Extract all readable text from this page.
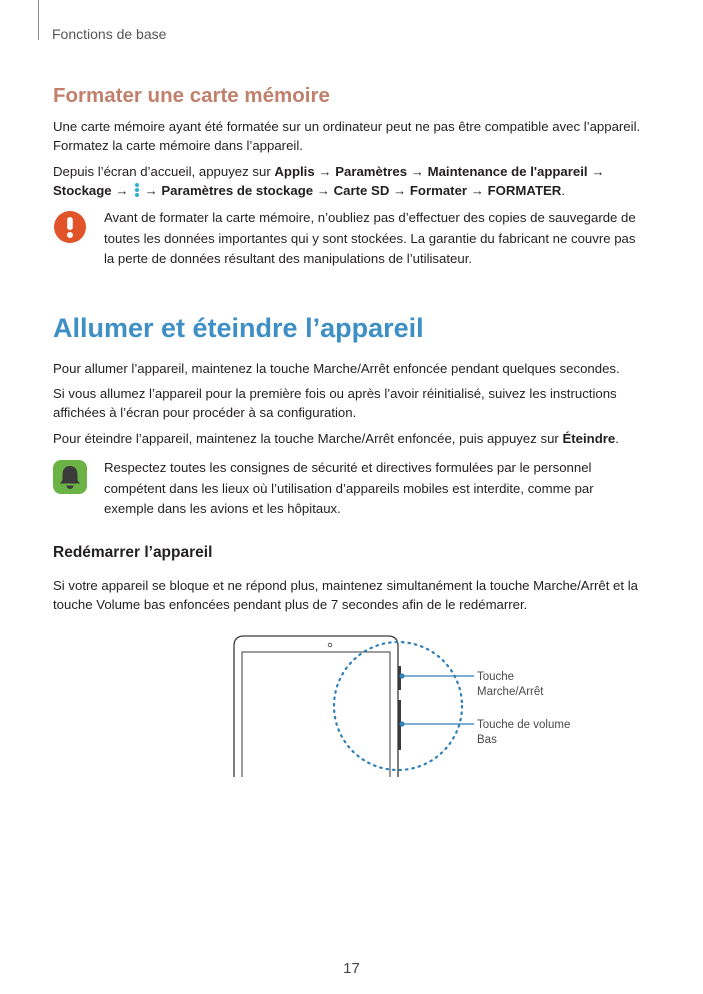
Fonctions de base
Formater une carte mémoire

Une carte mémoire ayant été formatée sur un ordinateur peut ne pas être compatible avec l’appareil. Formatez la carte mémoire dans l’appareil.

Depuis l’écran d’accueil, appuyez sur Applis → Paramètres → Maintenance de l'appareil →
Stockage → → Paramètres de stockage → Carte SD → Formater → FORMATER.

Avant de formater la carte mémoire, n’oubliez pas d’effectuer des copies de sauvegarde de toutes les données importantes qui y sont stockées. La garantie du fabricant ne couvre pas la perte de données résultant des manipulations de l’utilisateur.
Allumer et éteindre l’appareil

Pour allumer l’appareil, maintenez la touche Marche/Arrêt enfoncée pendant quelques secondes.

Si vous allumez l’appareil pour la première fois ou après l’avoir réinitialisé, suivez les instructions affichées à l’écran pour procéder à sa configuration.

Pour éteindre l’appareil, maintenez la touche Marche/Arrêt enfoncée, puis appuyez sur Éteindre.

Respectez toutes les consignes de sécurité et directives formulées par le personnel compétent dans les lieux où l’utilisation d’appareils mobiles est interdite, comme par exemple dans les avions et les hôpitaux.
Redémarrer l’appareil

Si votre appareil se bloque et ne répond plus, maintenez simultanément la touche Marche/Arrêt et la touche Volume bas enfoncées pendant plus de 7 secondes afin de le redémarrer.

Touche
Marche/Arrêt
Touche de volume
Bas
17
